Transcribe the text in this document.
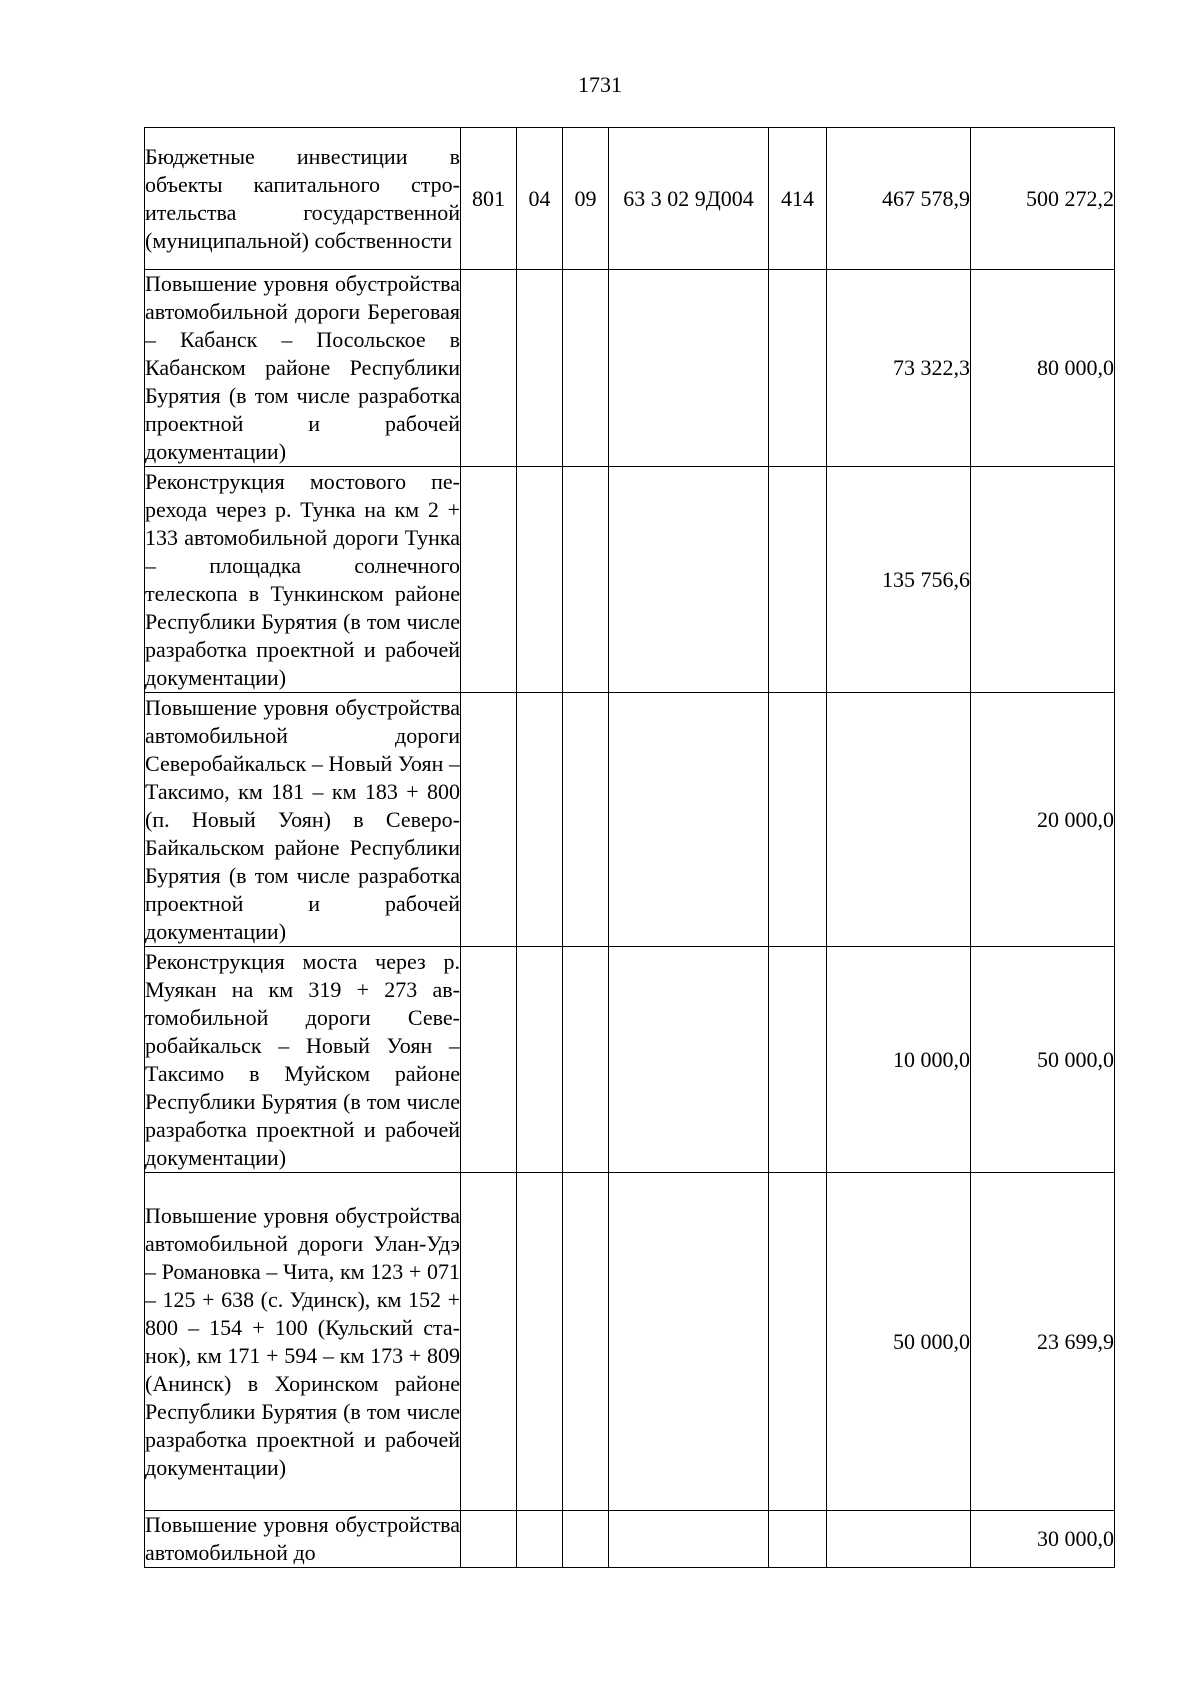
1731
Бюджетные инвестиции в объекты капитального строительства государственной (муниципальной) собственности	801	04	09	63 3 02 9Д004	414	467 578,9	500 272,2
Повышение уровня обустройства автомобильной дороги Береговая – Кабанск – Посольское в Кабанском районе Республики Бурятия (в том числе разработка проектной и рабочей документации)						73 322,3	80 000,0
Реконструкция мостового перехода через р. Тунка на км 2 + 133 автомобильной дороги Тунка – площадка солнечного телескопа в Тункинском районе Республики Бурятия (в том числе разработка проектной и рабочей документации)						135 756,6	
Повышение уровня обустройства автомобильной дороги Северобайкальск – Новый Уоян – Таксимо, км 181 – км 183 + 800 (п. Новый Уоян) в Северо-Байкальском районе Республики Бурятия (в том числе разработка проектной и рабочей документации)							20 000,0
Реконструкция моста через р. Муякан на км 319 + 273 автомобильной дороги Северобайкальск – Новый Уоян – Таксимо в Муйском районе Республики Бурятия (в том числе разработка проектной и рабочей документации)						10 000,0	50 000,0
Повышение уровня обустройства автомобильной дороги Улан-Удэ – Романовка – Чита, км 123 + 071 – 125 + 638 (с. Удинск), км 152 + 800 – 154 + 100 (Кульский станок), км 171 + 594 – км 173 + 809 (Анинск) в Хоринском районе Республики Бурятия (в том числе разработка проектной и рабочей документации)						50 000,0	23 699,9
Повышение уровня обустройства автомобильной до							30 000,0
